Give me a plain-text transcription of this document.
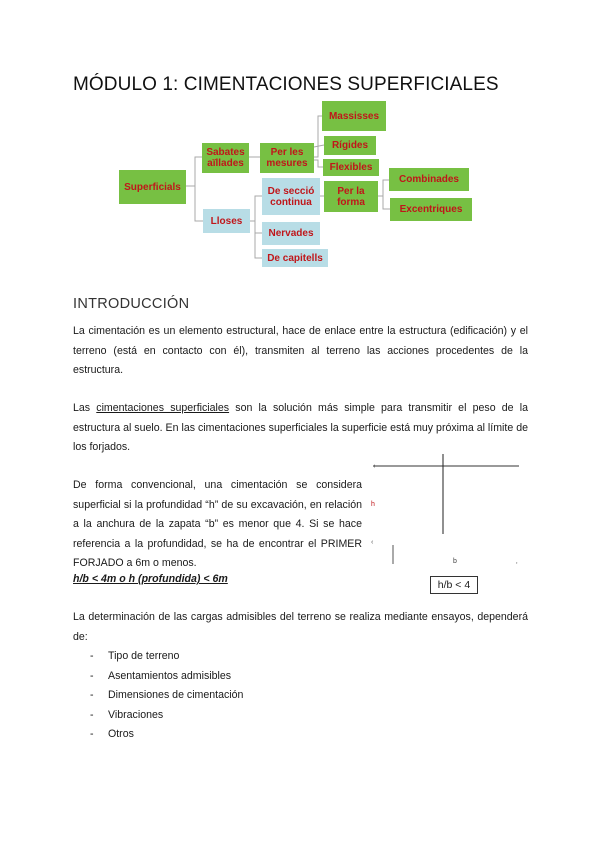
MÓDULO 1: CIMENTACIONES SUPERFICIALES
Superficials
Sabates aïllades
Per les mesures
Massisses
Rígides
Flexibles
Per la forma
Combinades
Excentriques
Lloses
De secció continua
Nervades
De capitells
INTRODUCCIÓN
La cimentación es un elemento estructural, hace de enlace entre la estructura (edificación) y el terreno (está en contacto con él), transmiten al terreno las acciones procedentes de la estructura.
Las cimentaciones superficiales son la solución más simple para transmitir el peso de la estructura al suelo. En las cimentaciones superficiales la superficie está muy próxima al límite de los forjados.
De forma convencional, una cimentación se considera superficial si la profundidad “h” de su excavación, en relación a la anchura de la zapata “b” es menor que 4. Si se hace referencia a la profundidad, se ha de encontrar el PRIMER FORJADO a 6m o menos.
h/b < 4m o h (profundida) < 6m
‹
h
‹
b	‚
h/b < 4
La determinación de las cargas admisibles del terreno se realiza mediante ensayos, dependerá de:
-	Tipo de terreno
-	Asentamientos admisibles
-	Dimensiones de cimentación
-	Vibraciones
-	Otros
